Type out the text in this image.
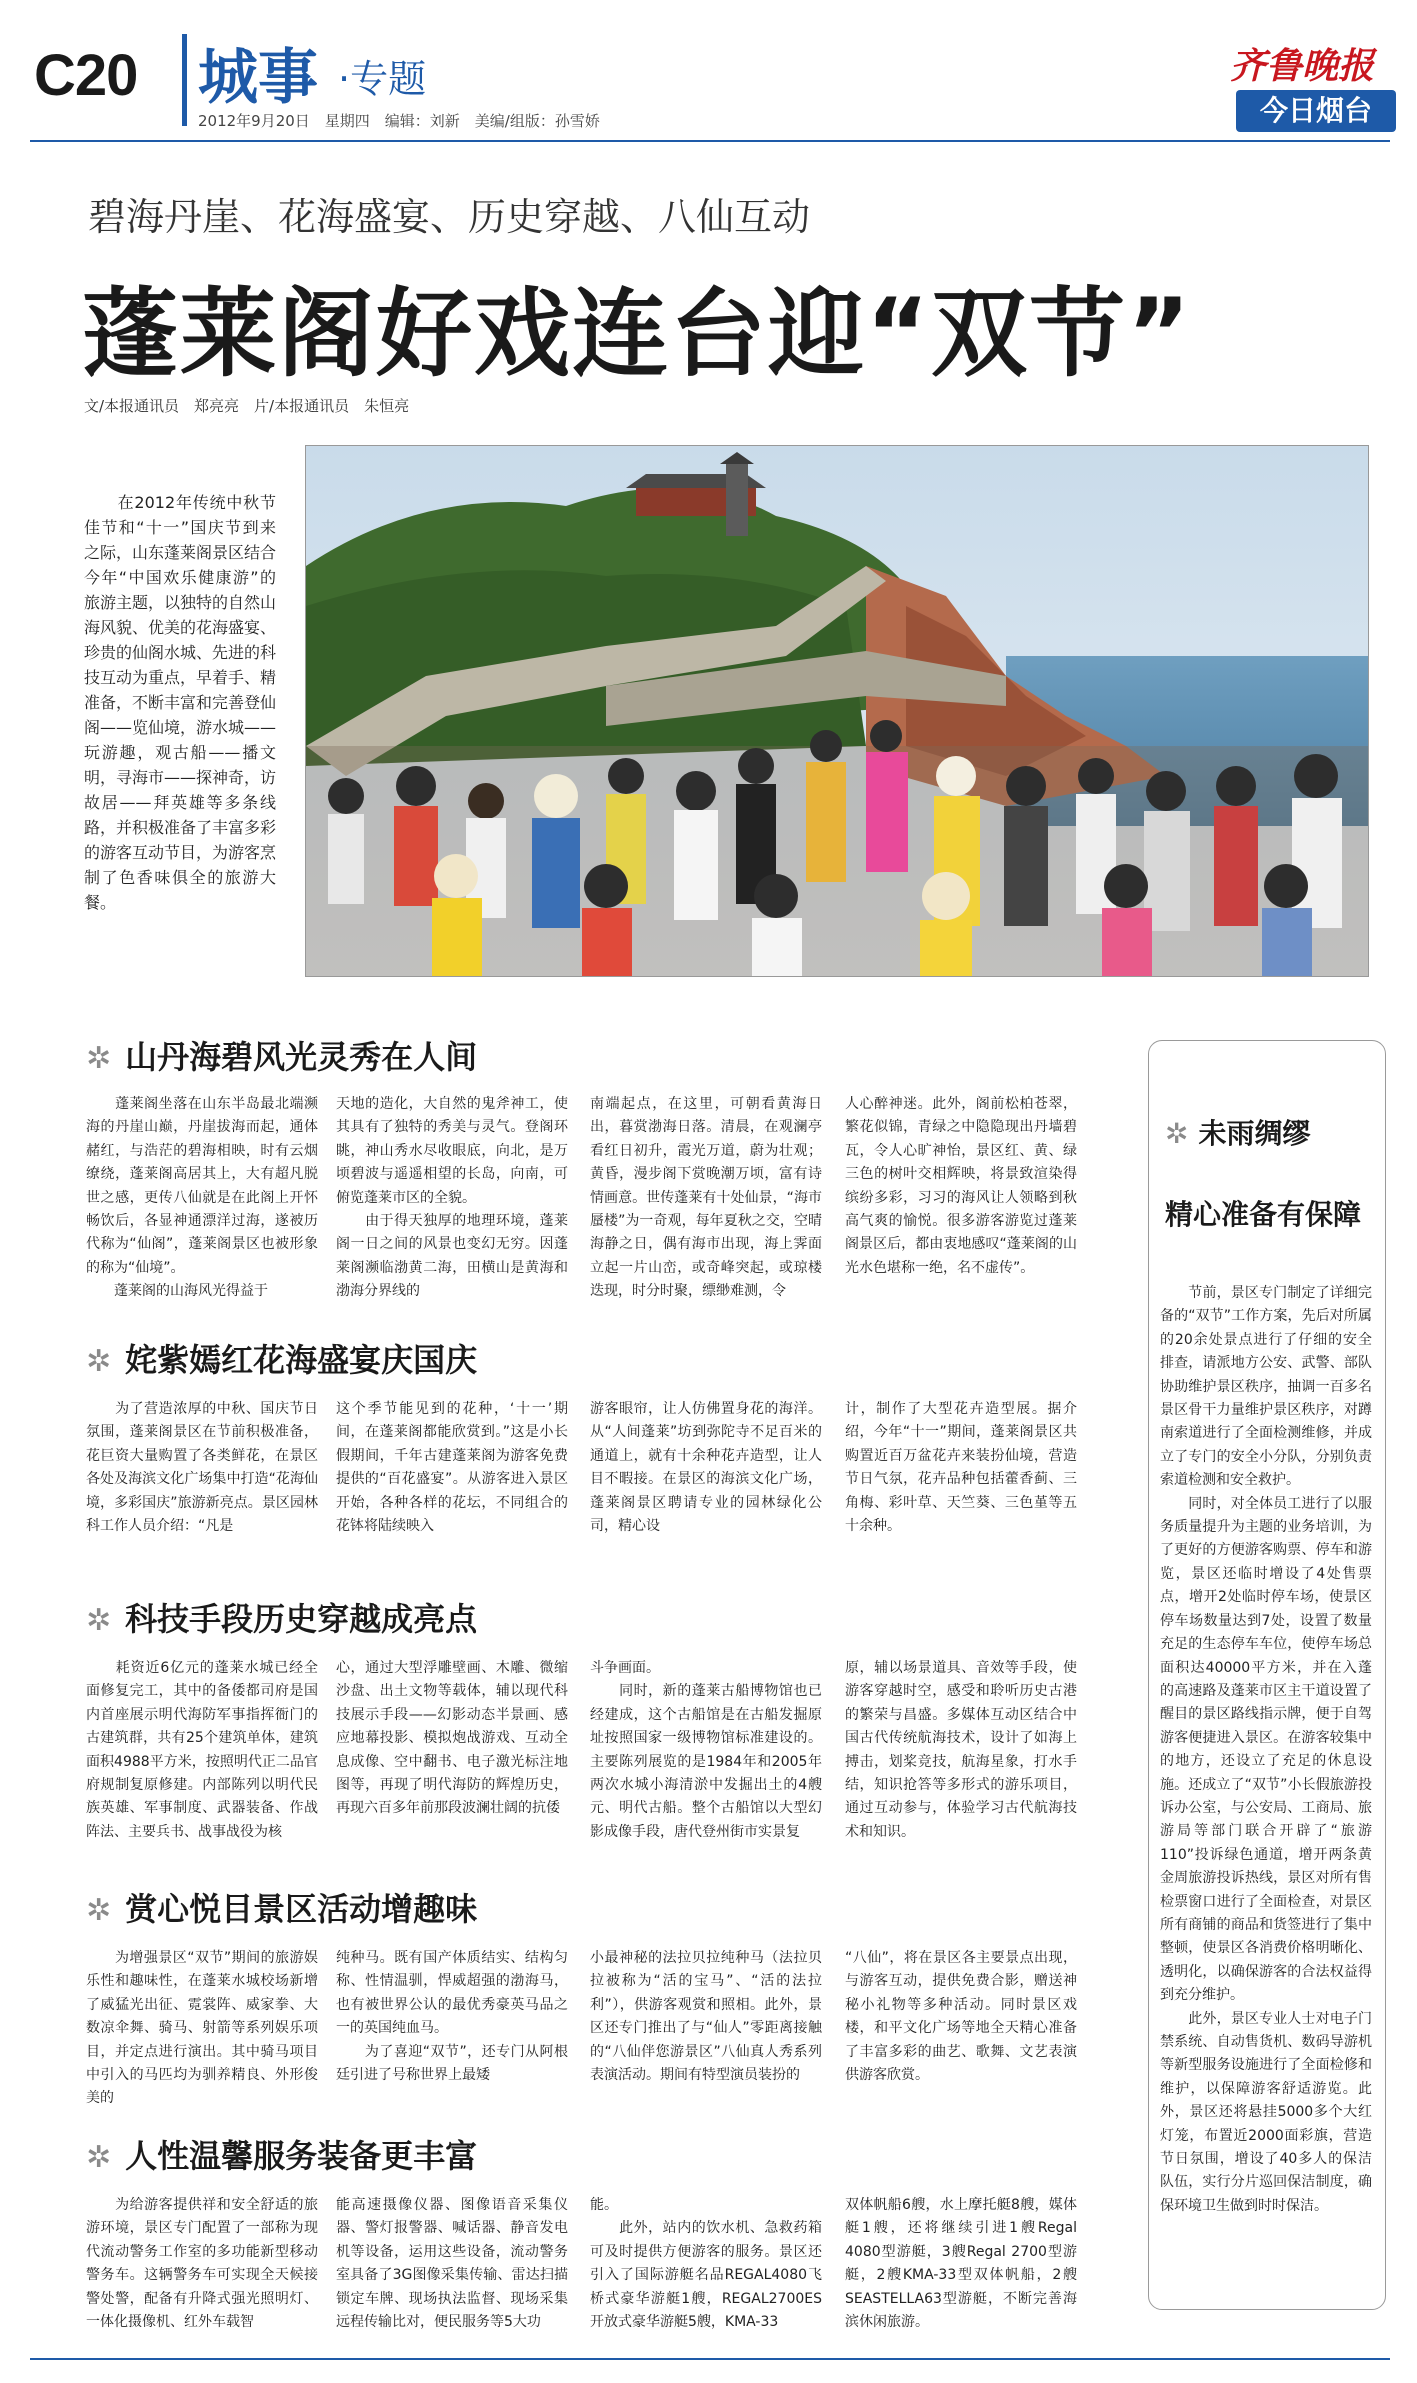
C20 城事 ·专题
2012年9月20日　星期四　编辑：刘新　美编/组版：孙雪娇
齐鲁晚报
今日烟台
碧海丹崖、花海盛宴、历史穿越、八仙互动
蓬莱阁好戏连台迎“双节”
文/本报通讯员　郑亮亮　片/本报通讯员　朱恒亮
　　在2012年传统中秋节佳节和“十一”国庆节到来之际，山东蓬莱阁景区结合今年“中国欢乐健康游”的旅游主题，以独特的自然山海风貌、优美的花海盛宴、珍贵的仙阁水城、先进的科技互动为重点，早着手、精准备，不断丰富和完善登仙阁——览仙境，游水城——玩游趣，观古船——播文明，寻海市——探神奇，访故居——拜英雄等多条线路，并积极准备了丰富多彩的游客互动节目，为游客烹制了色香味俱全的旅游大餐。
✲ 山丹海碧风光灵秀在人间
　　蓬莱阁坐落在山东半岛最北端濒海的丹崖山巅，丹崖拔海而起，通体赭红，与浩茫的碧海相映，时有云烟缭绕，蓬莱阁高居其上，大有超凡脱世之感，更传八仙就是在此阁上开怀畅饮后，各显神通漂洋过海，遂被历代称为“仙阁”，蓬莱阁景区也被形象的称为“仙境”。
　　蓬莱阁的山海风光得益于
天地的造化，大自然的鬼斧神工，使其具有了独特的秀美与灵气。登阁环眺，神山秀水尽收眼底，向北，是万顷碧波与遥遥相望的长岛，向南，可俯览蓬莱市区的全貌。
　　由于得天独厚的地理环境，蓬莱阁一日之间的风景也变幻无穷。因蓬莱阁濒临渤黄二海，田横山是黄海和渤海分界线的
南端起点，在这里，可朝看黄海日出，暮赏渤海日落。清晨，在观澜亭看红日初升，霞光万道，蔚为壮观；黄昏，漫步阁下赏晚潮万顷，富有诗情画意。世传蓬莱有十处仙景，“海市蜃楼”为一奇观，每年夏秋之交，空晴海静之日，偶有海市出现，海上霁面立起一片山峦，或奇峰突起，或琼楼迭现，时分时聚，缥缈难测，令
人心醉神迷。此外，阁前松柏苍翠，繁花似锦，青绿之中隐隐现出丹墙碧瓦，令人心旷神怡，景区红、黄、绿三色的树叶交相辉映，将景致渲染得缤纷多彩，习习的海风让人领略到秋高气爽的愉悦。很多游客游览过蓬莱阁景区后，都由衷地感叹“蓬莱阁的山光水色堪称一绝，名不虚传”。
✲ 姹紫嫣红花海盛宴庆国庆
　　为了营造浓厚的中秋、国庆节日氛围，蓬莱阁景区在节前积极准备，花巨资大量购置了各类鲜花，在景区各处及海滨文化广场集中打造“花海仙境，多彩国庆”旅游新亮点。景区园林科工作人员介绍：“凡是
这个季节能见到的花种，‘十一’期间，在蓬莱阁都能欣赏到。”这是小长假期间，千年古建蓬莱阁为游客免费提供的“百花盛宴”。从游客进入景区开始，各种各样的花坛，不同组合的花钵将陆续映入
游客眼帘，让人仿佛置身花的海洋。从“人间蓬莱”坊到弥陀寺不足百米的通道上，就有十余种花卉造型，让人目不暇接。在景区的海滨文化广场，蓬莱阁景区聘请专业的园林绿化公司，精心设
计，制作了大型花卉造型展。据介绍，今年“十一”期间，蓬莱阁景区共购置近百万盆花卉来装扮仙境，营造节日气氛，花卉品种包括藿香蓟、三角梅、彩叶草、天竺葵、三色堇等五十余种。
✲ 科技手段历史穿越成亮点
　　耗资近6亿元的蓬莱水城已经全面修复完工，其中的备倭都司府是国内首座展示明代海防军事指挥衙门的古建筑群，共有25个建筑单体，建筑面积4988平方米，按照明代正二品官府规制复原修建。内部陈列以明代民族英雄、军事制度、武器装备、作战阵法、主要兵书、战事战役为核
心，通过大型浮雕壁画、木雕、微缩沙盘、出土文物等载体，辅以现代科技展示手段——幻影动态半景画、感应地幕投影、模拟炮战游戏、互动全息成像、空中翻书、电子激光标注地图等，再现了明代海防的辉煌历史，再现六百多年前那段波澜壮阔的抗倭
斗争画面。
　　同时，新的蓬莱古船博物馆也已经建成，这个古船馆是在古船发掘原址按照国家一级博物馆标准建设的。主要陈列展览的是1984年和2005年两次水城小海清淤中发掘出土的4艘元、明代古船。整个古船馆以大型幻影成像手段，唐代登州街市实景复
原，辅以场景道具、音效等手段，使游客穿越时空，感受和聆听历史古港的繁荣与昌盛。多媒体互动区结合中国古代传统航海技术，设计了如海上搏击，划桨竞技，航海星象，打水手结，知识抢答等多形式的游乐项目，通过互动参与，体验学习古代航海技术和知识。
✲ 赏心悦目景区活动增趣味
　　为增强景区“双节”期间的旅游娱乐性和趣味性，在蓬莱水城校场新增了威猛光出征、霓裳阵、威家拳、大数凉伞舞、骑马、射箭等系列娱乐项目，并定点进行演出。其中骑马项目中引入的马匹均为驯养精良、外形俊美的
纯种马。既有国产体质结实、结构匀称、性情温驯，悍威超强的渤海马，也有被世界公认的最优秀豪英马品之一的英国纯血马。
　　为了喜迎“双节”，还专门从阿根廷引进了号称世界上最矮
小最神秘的法拉贝拉纯种马（法拉贝拉被称为“活的宝马”、“活的法拉利”），供游客观赏和照相。此外，景区还专门推出了与“仙人”零距离接触的“八仙伴您游景区”八仙真人秀系列表演活动。期间有特型演员装扮的
“八仙”，将在景区各主要景点出现，与游客互动，提供免费合影，赠送神秘小礼物等多种活动。同时景区戏楼，和平文化广场等地全天精心准备了丰富多彩的曲艺、歌舞、文艺表演供游客欣赏。
✲ 人性温馨服务装备更丰富
　　为给游客提供祥和安全舒适的旅游环境，景区专门配置了一部称为现代流动警务工作室的多功能新型移动警务车。这辆警务车可实现全天候接警处警，配备有升降式强光照明灯、一体化摄像机、红外车载智
能高速摄像仪器、图像语音采集仪器、警灯报警器、喊话器、静音发电机等设备，运用这些设备，流动警务室具备了3G图像采集传输、雷达扫描锁定车牌、现场执法监督、现场采集远程传输比对，便民服务等5大功
能。
　　此外，站内的饮水机、急救药箱可及时提供方便游客的服务。景区还引入了国际游艇名品REGAL4080飞桥式豪华游艇1艘，REGAL2700ES开放式豪华游艇5艘，KMA-33
双体帆船6艘，水上摩托艇8艘，媒体艇1艘，还将继续引进1艘Regal 4080型游艇，3艘Regal 2700型游艇，2艘KMA-33型双体帆船，2艘SEASTELLA63型游艇，不断完善海滨休闲旅游。
✲ 未雨绸缪
精心准备有保障
　　节前，景区专门制定了详细完备的“双节”工作方案，先后对所属的20余处景点进行了仔细的安全排查，请派地方公安、武警、部队协助维护景区秩序，抽调一百多名景区骨干力量维护景区秩序，对蹲南索道进行了全面检测维修，并成立了专门的安全小分队，分别负责索道检测和安全救护。
　　同时，对全体员工进行了以服务质量提升为主题的业务培训，为了更好的方便游客购票、停车和游览，景区还临时增设了4处售票点，增开2处临时停车场，使景区停车场数量达到7处，设置了数量充足的生态停车车位，使停车场总面积达40000平方米，并在入蓬的高速路及蓬莱市区主干道设置了醒目的景区路线指示牌，便于自驾游客便捷进入景区。在游客较集中的地方，还设立了充足的休息设施。还成立了“双节”小长假旅游投诉办公室，与公安局、工商局、旅游局等部门联合开辟了“旅游110”投诉绿色通道，增开两条黄金周旅游投诉热线，景区对所有售检票窗口进行了全面检查，对景区所有商铺的商品和货签进行了集中整顿，使景区各消费价格明晰化、透明化，以确保游客的合法权益得到充分维护。
　　此外，景区专业人士对电子门禁系统、自动售货机、数码导游机等新型服务设施进行了全面检修和维护，以保障游客舒适游览。此外，景区还将悬挂5000多个大红灯笼，布置近2000面彩旗，营造节日氛围，增设了40多人的保洁队伍，实行分片巡回保洁制度，确保环境卫生做到时时保洁。
